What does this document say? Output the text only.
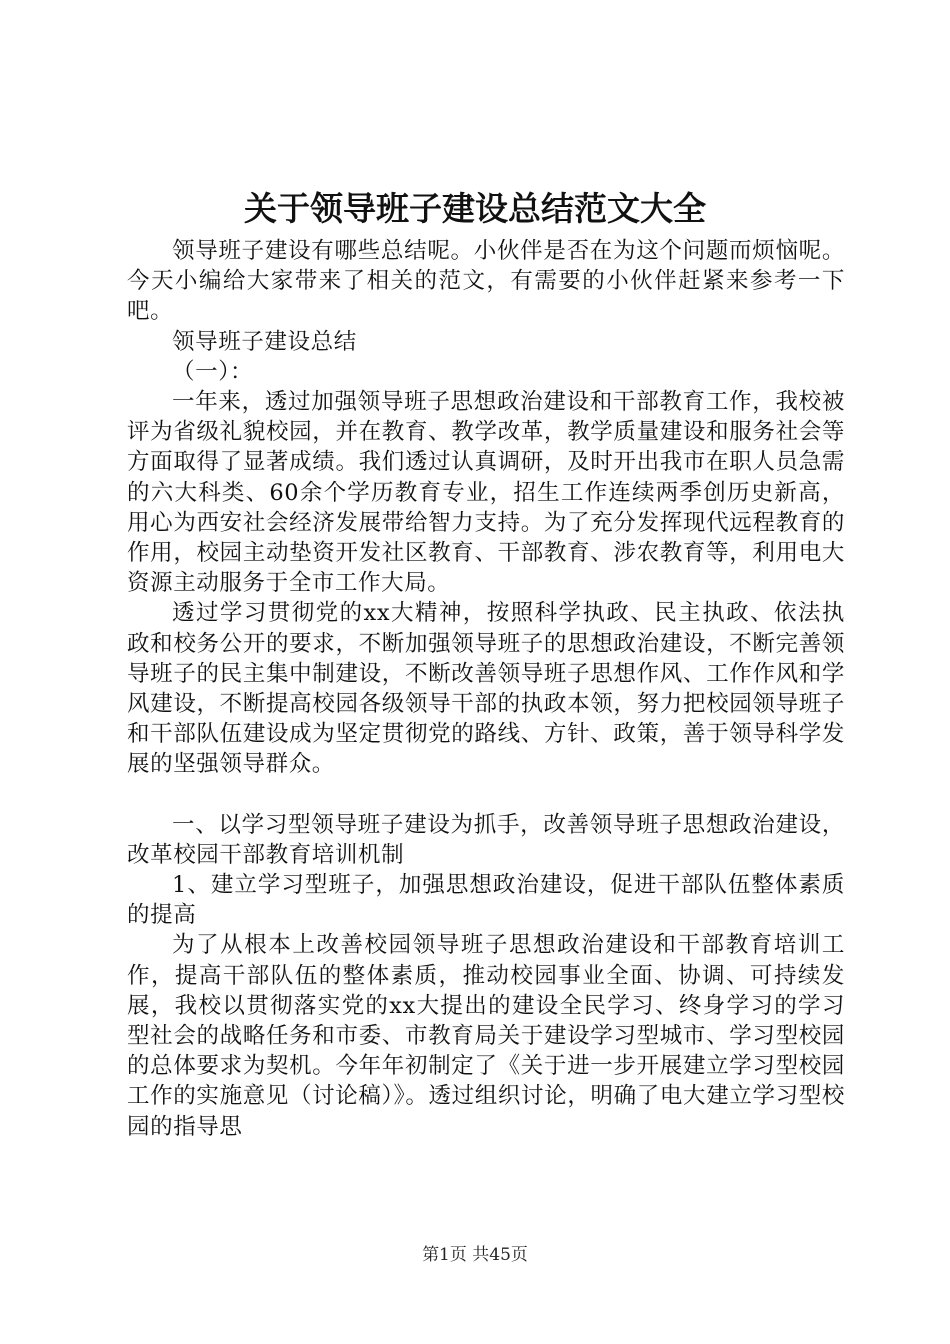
关于领导班子建设总结范文大全

领导班子建设有哪些总结呢。小伙伴是否在为这个问题而烦恼呢。今天小编给大家带来了相关的范文，有需要的小伙伴赶紧来参考一下吧。

领导班子建设总结

（一）：

一年来，透过加强领导班子思想政治建设和干部教育工作，我校被评为省级礼貌校园，并在教育、教学改革，教学质量建设和服务社会等方面取得了显著成绩。我们透过认真调研，及时开出我市在职人员急需的六大科类、60余个学历教育专业，招生工作连续两季创历史新高，用心为西安社会经济发展带给智力支持。为了充分发挥现代远程教育的作用，校园主动垫资开发社区教育、干部教育、涉农教育等，利用电大资源主动服务于全市工作大局。

透过学习贯彻党的xx大精神，按照科学执政、民主执政、依法执政和校务公开的要求，不断加强领导班子的思想政治建设，不断完善领导班子的民主集中制建设，不断改善领导班子思想作风、工作作风和学风建设，不断提高校园各级领导干部的执政本领，努力把校园领导班子和干部队伍建设成为坚定贯彻党的路线、方针、政策，善于领导科学发展的坚强领导群众。

一、以学习型领导班子建设为抓手，改善领导班子思想政治建设，改革校园干部教育培训机制

1、建立学习型班子，加强思想政治建设，促进干部队伍整体素质的提高

为了从根本上改善校园领导班子思想政治建设和干部教育培训工作，提高干部队伍的整体素质，推动校园事业全面、协调、可持续发展，我校以贯彻落实党的xx大提出的建设全民学习、终身学习的学习型社会的战略任务和市委、市教育局关于建设学习型城市、学习型校园的总体要求为契机。今年年初制定了《关于进一步开展建立学习型校园工作的实施意见（讨论稿）》。透过组织讨论，明确了电大建立学习型校园的指导思

第1页 共45页
